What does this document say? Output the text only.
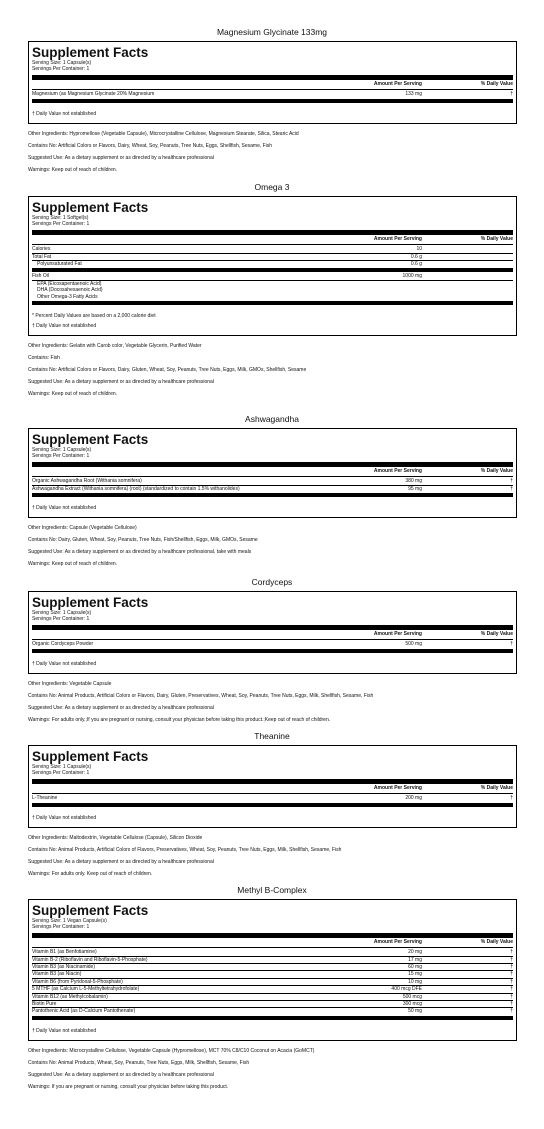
Magnesium Glycinate 133mg
Supplement Facts
Serving Size: 1 Capsule(s)
Servings Per Container: 1
Amount Per Serving	% Daily Value
Magnesium (as Magnesium Glycinate 20% Magnesium	133 mg	†
† Daily Value not established
Other Ingredients: Hypromellose (Vegetable Capsule), Microcrystalline Cellulose, Magnesium Stearate, Silica, Stearic Acid
Contains No: Artificial Colors or Flavors, Dairy, Wheat, Soy, Peanuts, Tree Nuts, Eggs, Shellfish, Sesame, Fish
Suggested Use: As a dietary supplement or as directed by a healthcare professional
Warnings: Keep out of reach of children.
Omega 3
Supplement Facts
Serving Size: 1 Softgel(s)
Servings Per Container: 1
Amount Per Serving	% Daily Value
Calories	10
Total Fat	0.6 g
Polyunsaturated Fat	0.6 g
Fish Oil	1000 mg
EPA (Eicosapentaenoic Acid)
DHA (Docosahexaenoic Acid)
Other Omega-3 Fatty Acids
* Percent Daily Values are based on a 2,000 calorie diet
† Daily Value not established
Other Ingredients: Gelatin with Carob color, Vegetable Glycerin, Purified Water
Contains: Fish
Contains No: Artificial Colors or Flavors, Dairy, Gluten, Wheat, Soy, Peanuts, Tree Nuts, Eggs, Milk, GMOs, Shellfish, Sesame
Suggested Use: As a dietary supplement or as directed by a healthcare professional
Warnings: Keep out of reach of children.
Ashwagandha
Supplement Facts
Serving Size: 1 Capsule(s)
Servings Per Container: 1
Amount Per Serving	% Daily Value
Organic Ashwagandha Root (Withania somnifera)	380 mg	†
Ashwagandha Extract (Withania somnifera) (root) (standardized to contain 1.5% withanolides)	95 mg	†
† Daily Value not established
Other Ingredients: Capsule (Vegetable Cellulose)
Contains No: Dairy, Gluten, Wheat, Soy, Peanuts, Tree Nuts, Fish/Shellfish, Eggs, Milk, GMOs, Sesame
Suggested Use: As a dietary supplement or as directed by a healthcare professional, take with meals
Warnings: Keep out of reach of children.
Cordyceps
Supplement Facts
Serving Size: 1 Capsule(s)
Servings Per Container: 1
Amount Per Serving	% Daily Value
Organic Cordyceps Powder	500 mg	†
† Daily Value not established
Other Ingredients: Vegetable Capsule
Contains No: Animal Products, Artificial Colors or Flavors, Dairy, Gluten, Preservatives, Wheat, Soy, Peanuts, Tree Nuts, Eggs, Milk, Shellfish, Sesame, Fish
Suggested Use: As a dietary supplement or as directed by a healthcare professional
Warnings: For adults only.;If you are pregnant or nursing, consult your physician before taking this product.;Keep out of reach of children.
Theanine
Supplement Facts
Serving Size: 1 Capsule(s)
Servings Per Container: 1
Amount Per Serving	% Daily Value
L-Theanine	200 mg	†
† Daily Value not established
Other Ingredients: Maltodextrin, Vegetable Cellulose (Capsule), Silicon Dioxide
Contains No: Animal Products, Artificial Colors of Flavors, Preservatives, Wheat, Soy, Peanuts, Tree Nuts, Eggs, Milk, Shellfish, Sesame, Fish
Suggested Use: As a dietary supplement or as directed by a healthcare professional
Warnings: For adults only. Keep out of reach of children.
Methyl B-Complex
Supplement Facts
Serving Size: 1 Vegan Capsule(s)
Servings Per Container: 1
Amount Per Serving	% Daily Value
Vitamin B1 (as Benfotiamine)	20 mg	†
Vitamin B-2 (Riboflavin and Riboflavin-5-Phosphate)	17 mg	†
Vitamin B3 (as Niacinamide)	60 mg	†
Vitamin B3 (as Niacin)	15 mg	†
Vitamin B6 (from Pyridoxal-5-Phosphate)	10 mg	†
5 MTHF (as Calcium L-5-Methyltetrahydrofolate)	400 mcg DFE	†
Vitamin B12 (as Methylcobalamin)	500 mcg	†
Biotin Pure	300 mcg	†
Pantothenic Acid (as D-Calcium Pantothenate)	50 mg	†
† Daily Value not established
Other Ingredients: Microcrystalline Cellulose, Vegetable Capsule (Hypromellose), MCT 70% C8/C10 Coconut on Acacia (GoMCT)
Contains No: Animal Products, Wheat, Soy, Peanuts, Tree Nuts, Eggs, Milk, Shellfish, Sesame, Fish
Suggested Use: As a dietary supplement or as directed by a healthcare professional
Warnings: If you are pregnant or nursing, consult your physician before taking this product.
